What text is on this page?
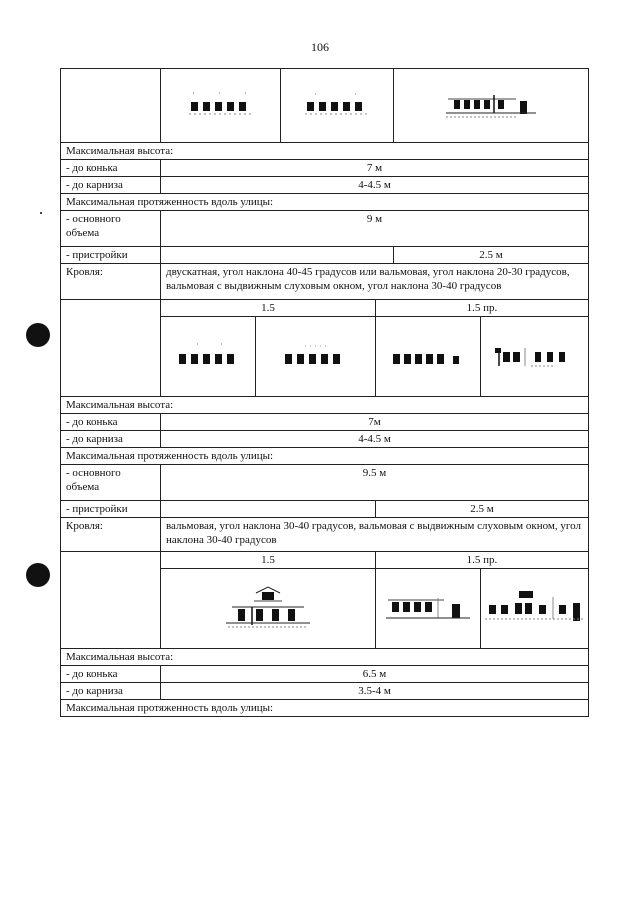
106

Максимальная высота:						
- до конька	7 м					
- до карниза	4-4.5 м					
Максимальная протяженность вдоль улицы:						
- основного объема	9 м					
- пристройки					2.5 м	
Кровля:	двускатная, угол наклона 40-45 градусов или вальмовая, угол наклона 20-30 градусов, вальмовая с выдвижным слуховым окном, угол наклона 30-40 градусов					
	1.5			1.5 пр.		

Максимальная высота:						
- до конька	7м					
- до карниза	4-4.5 м					
Максимальная протяженность вдоль улицы:						
- основного объема	9.5 м					
- пристройки				2.5 м		
Кровля:	вальмовая, угол наклона 30-40 градусов, вальмовая с выдвижным слуховым окном, угол наклона 30-40 градусов					
	1.5			1.5 пр.		

Максимальная высота:						
- до конька	6.5 м					
- до карниза	3.5-4 м					
Максимальная протяженность вдоль улицы:						
